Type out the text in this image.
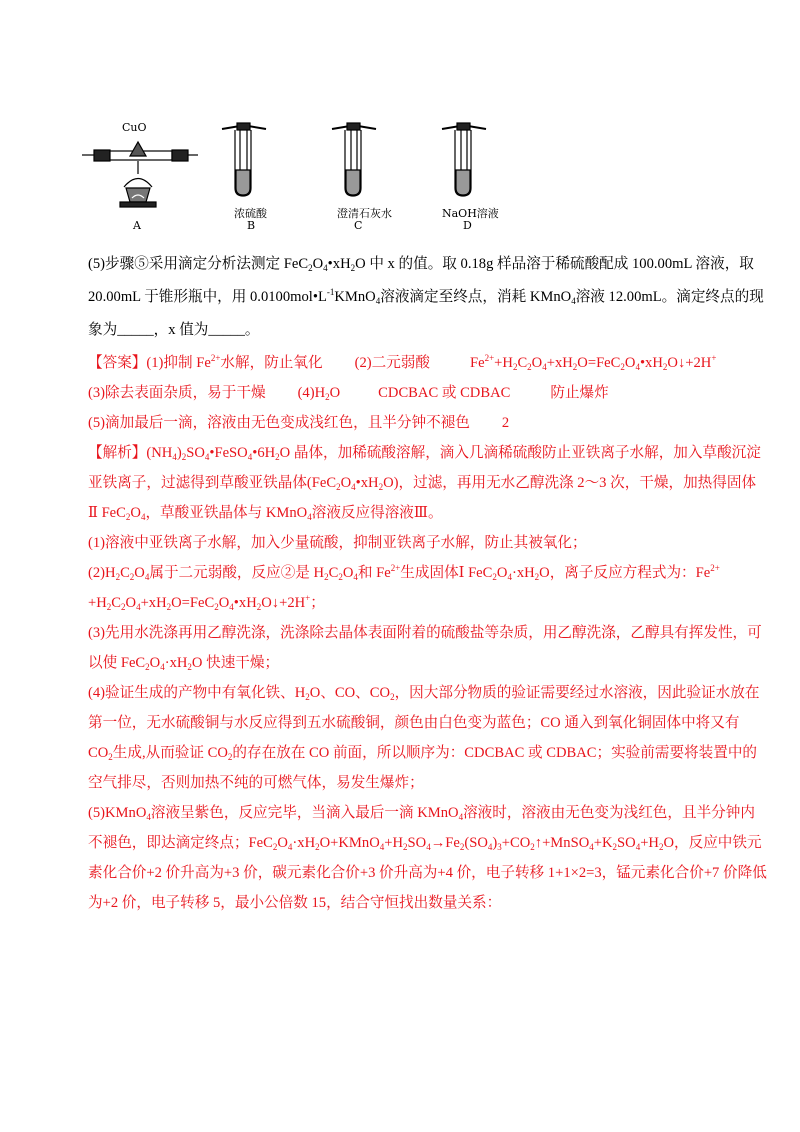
CuO
浓硫酸	澄清石灰水	NaOH溶液
A	B	C	D
(5)步骤⑤采用滴定分析法测定 $FeC_2O_4•xH_2O$ 中 x 的值。取 0.18g 样品溶于稀硫酸配成 100.00mL 溶液，取
20.00mL 于锥形瓶中，用 $0.0100mol•L^{-1}KMnO_4$溶液滴定至终点，消耗 KMnO$_4$溶液 12.00mL。滴定终点的现
象为_____，x 值为_____。
【答案】(1)抑制 $Fe^{2+}$水解，防止氧化 (2)二元弱酸	$Fe^{2+}+H_2C_2O_4+xH_2O=FeC_2O_4•xH_2O↓+2H^+$
(3)除去表面杂质，易于干燥 $(4)H_2O$	CDCBAC 或 CDBAC	防止爆炸
(5)滴加最后一滴，溶液由无色变成浅红色，且半分钟不褪色 2
【解析】$(NH_4)_2SO_4•FeSO_4•6H_2O$ 晶体，加稀硫酸溶解，滴入几滴稀硫酸防止亚铁离子水解，加入草酸沉淀
亚铁离子，过滤得到草酸亚铁晶体$(FeC_2O_4•xH_2O)$，过滤，再用无水乙醇洗涤 2～3 次，干燥，加热得固体
Ⅱ $FeC_2O_4$，草酸亚铁晶体与 KMnO$_4$溶液反应得溶液Ⅲ。
(1)溶液中亚铁离子水解，加入少量硫酸，抑制亚铁离子水解，防止其被氧化；
$(2)H_2C_2O_4$属于二元弱酸，反应②是 $H_2C_2O_4$和 $Fe^{2+}$生成固体Ⅰ $FeC_2O_4\cdot xH_2O$，离子反应方程式为：$Fe^{2+}$
$+H_2C_2O_4+xH_2O=FeC_2O_4•xH_2O↓+2H^+$；
(3)先用水洗涤再用乙醇洗涤，洗涤除去晶体表面附着的硫酸盐等杂质，用乙醇洗涤，乙醇具有挥发性，可
以使 $FeC_2O_4\cdot xH_2O$ 快速干燥；
(4)验证生成的产物中有氧化铁、$H_2O$、CO、$CO_2$，因大部分物质的验证需要经过水溶液，因此验证水放在
第一位，无水硫酸铜与水反应得到五水硫酸铜，颜色由白色变为蓝色；CO 通入到氧化铜固体中将又有
$CO_2$生成,从而验证 $CO_2$的存在放在 CO 前面，所以顺序为：CDCBAC 或 CDBAC；实验前需要将装置中的
空气排尽，否则加热不纯的可燃气体，易发生爆炸；
(5)KMnO$_4$溶液呈紫色，反应完毕，当滴入最后一滴 KMnO$_4$溶液时，溶液由无色变为浅红色，且半分钟内
不褪色，即达滴定终点；$FeC_2O_4\cdot xH_2O+KMnO_4+H_2SO_4\to Fe_2(SO_4)_3+CO_2↑+MnSO_4+K_2SO_4+H_2O$，反应中铁元
素化合价+2 价升高为+3 价，碳元素化合价+3 价升高为+4 价，电子转移 1+1×2=3，锰元素化合价+7 价降低
为+2 价，电子转移 5，最小公倍数 15，结合守恒找出数量关系：
